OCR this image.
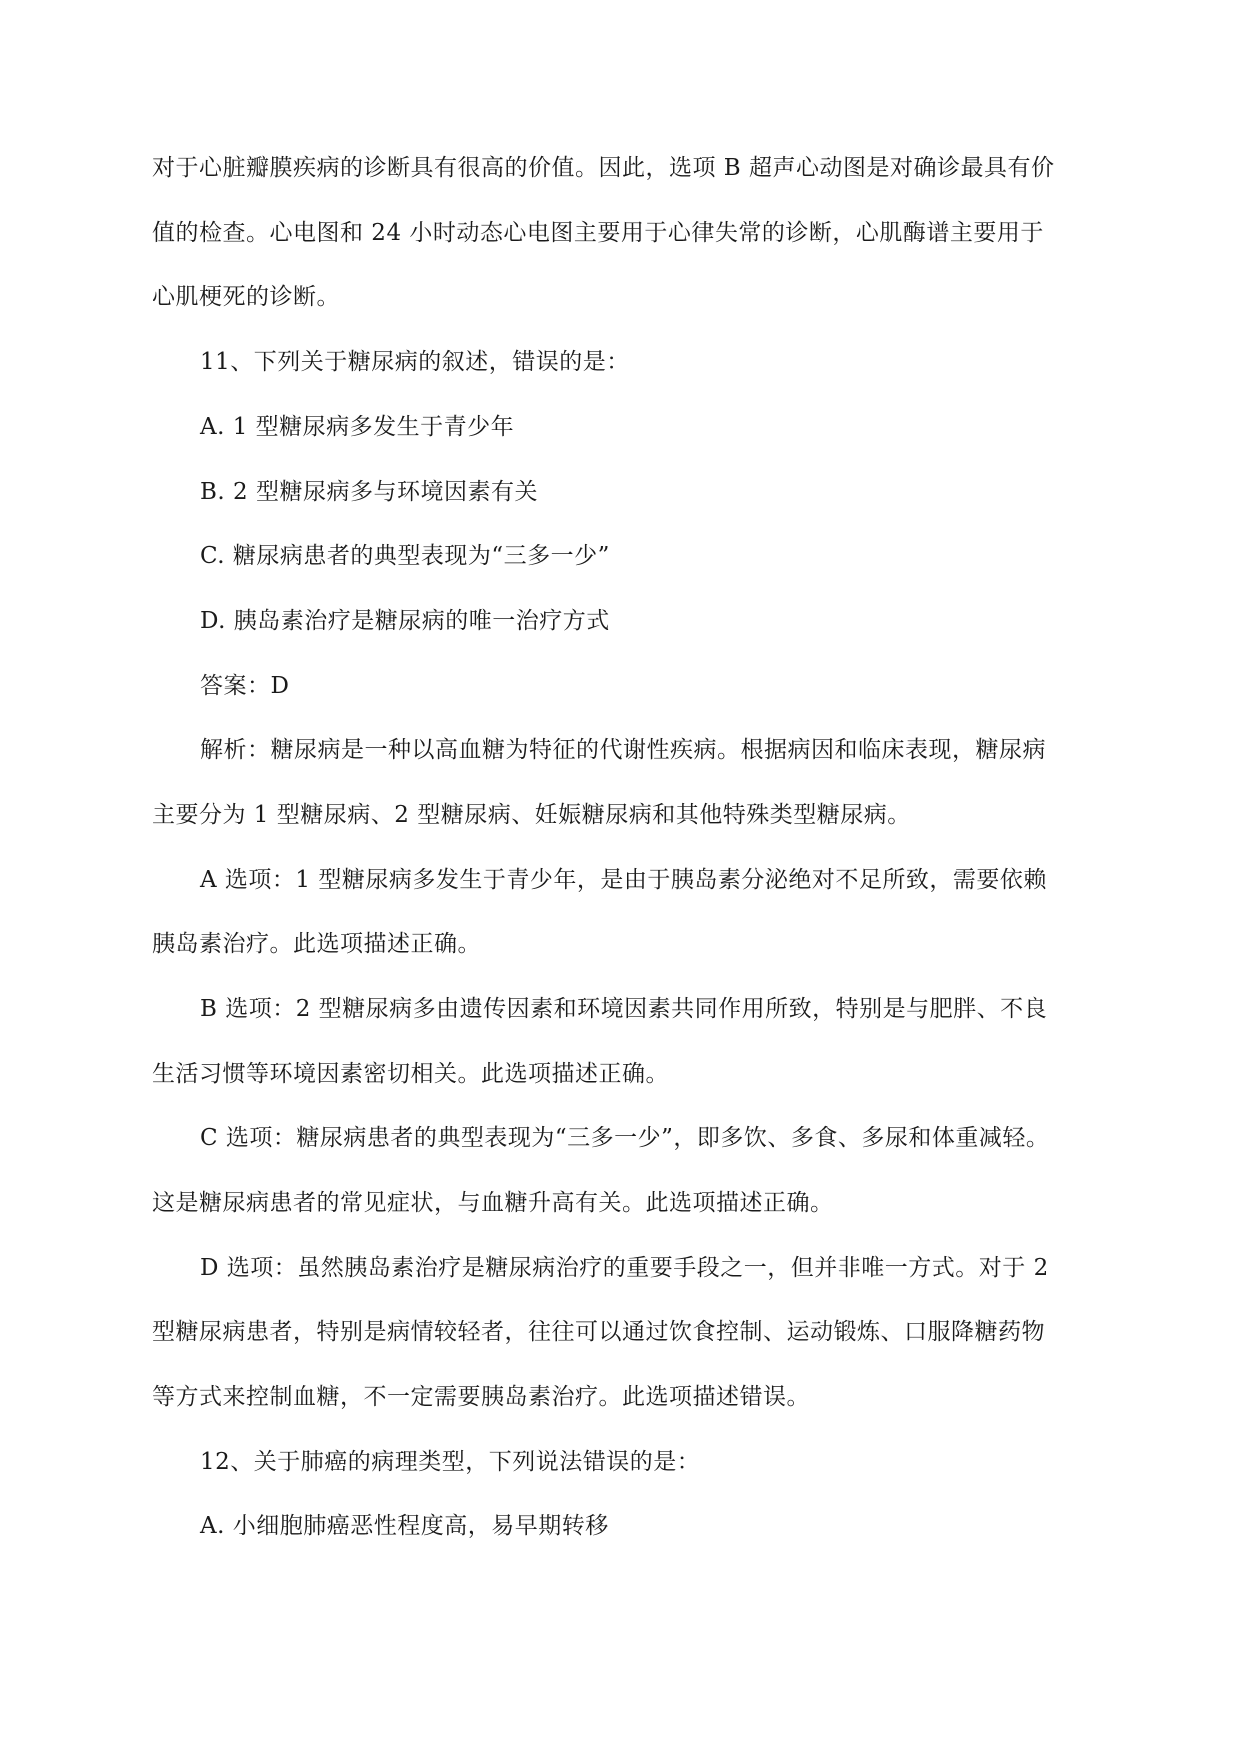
对于心脏瓣膜疾病的诊断具有很高的价值。因此，选项 B 超声心动图是对确诊最具有价
值的检查。心电图和 24 小时动态心电图主要用于心律失常的诊断，心肌酶谱主要用于
心肌梗死的诊断。
11、下列关于糖尿病的叙述，错误的是：
A. 1 型糖尿病多发生于青少年
B. 2 型糖尿病多与环境因素有关
C. 糖尿病患者的典型表现为“三多一少”
D. 胰岛素治疗是糖尿病的唯一治疗方式
答案：D
解析：糖尿病是一种以高血糖为特征的代谢性疾病。根据病因和临床表现，糖尿病
主要分为 1 型糖尿病、2 型糖尿病、妊娠糖尿病和其他特殊类型糖尿病。
A 选项：1 型糖尿病多发生于青少年，是由于胰岛素分泌绝对不足所致，需要依赖
胰岛素治疗。此选项描述正确。
B 选项：2 型糖尿病多由遗传因素和环境因素共同作用所致，特别是与肥胖、不良
生活习惯等环境因素密切相关。此选项描述正确。
C 选项：糖尿病患者的典型表现为“三多一少”，即多饮、多食、多尿和体重减轻。
这是糖尿病患者的常见症状，与血糖升高有关。此选项描述正确。
D 选项：虽然胰岛素治疗是糖尿病治疗的重要手段之一，但并非唯一方式。对于 2
型糖尿病患者，特别是病情较轻者，往往可以通过饮食控制、运动锻炼、口服降糖药物
等方式来控制血糖，不一定需要胰岛素治疗。此选项描述错误。
12、关于肺癌的病理类型，下列说法错误的是：
A. 小细胞肺癌恶性程度高，易早期转移
